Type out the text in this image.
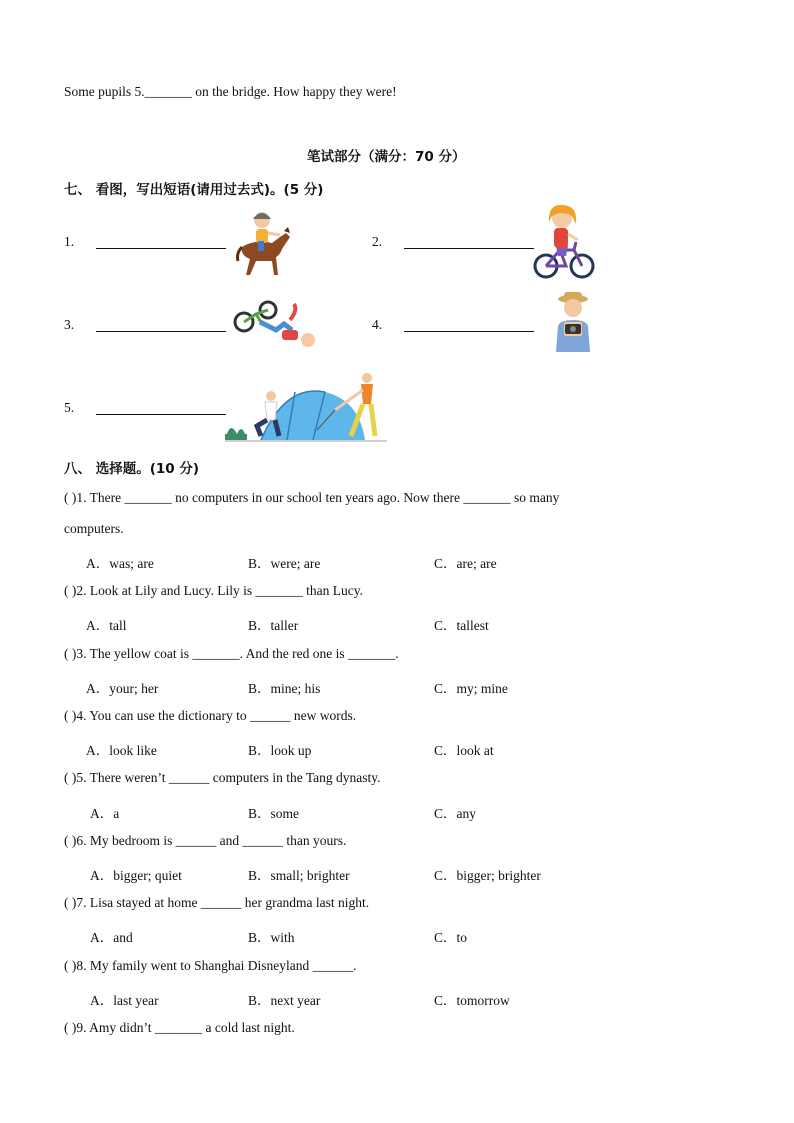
Some pupils 5._______ on the bridge. How happy they were!
笔试部分（满分：70 分）
七、 看图，写出短语(请用过去式)。(5 分)
1.	2.
3.	4.
5.
八、 选择题。(10 分)
( )1. There _______ no computers in our school ten years ago. Now there _______ so many
computers.
A．was; are	B．were; are	C．are; are
( )2. Look at Lily and Lucy. Lily is _______ than Lucy.
A．tall	B．taller	C．tallest
( )3. The yellow coat is _______. And the red one is _______.
A．your; her	B．mine; his	C．my; mine
( )4. You can use the dictionary to ______ new words.
A．look like	B．look up	C．look at
( )5. There weren’t ______ computers in the Tang dynasty.
A．a	B．some	C．any
( )6. My bedroom is ______ and ______ than yours.
A．bigger; quiet	B．small; brighter	C．bigger; brighter
( )7. Lisa stayed at home ______ her grandma last night.
A．and	B．with	C．to
( )8. My family went to Shanghai Disneyland ______.
A．last year	B．next year	C．tomorrow
( )9. Amy didn’t _______ a cold last night.
